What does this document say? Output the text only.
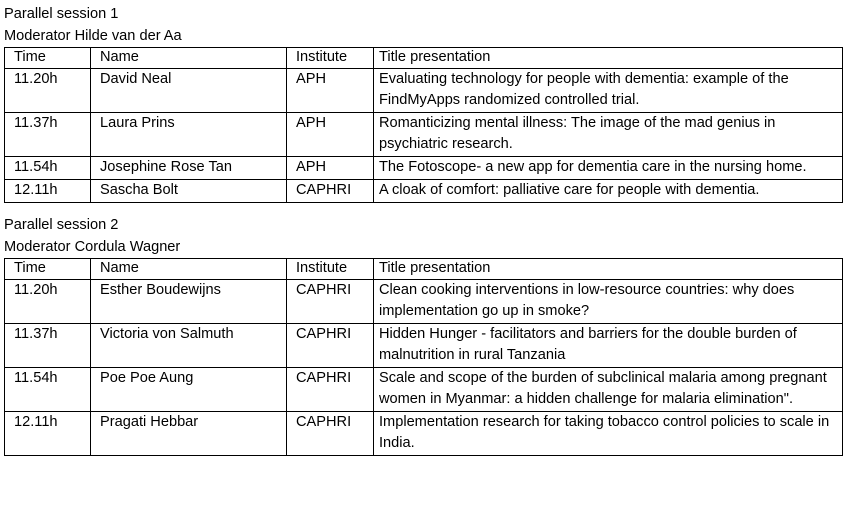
Parallel session 1
Moderator Hilde van der Aa
Time	Name	Institute	Title presentation
11.20h	David Neal	APH	Evaluating technology for people with dementia: example of the FindMyApps randomized controlled trial.
11.37h	Laura Prins	APH	Romanticizing mental illness: The image of the mad genius in psychiatric research.
11.54h	Josephine Rose Tan	APH	The Fotoscope- a new app for dementia care in the nursing home.
12.11h	Sascha Bolt	CAPHRI	A cloak of comfort: palliative care for people with dementia.
Parallel session 2
Moderator Cordula Wagner
Time	Name	Institute	Title presentation
11.20h	Esther Boudewijns	CAPHRI	Clean cooking interventions in low-resource countries: why does implementation go up in smoke?
11.37h	Victoria von Salmuth	CAPHRI	Hidden Hunger - facilitators and barriers for the double burden of malnutrition in rural Tanzania
11.54h	Poe Poe Aung	CAPHRI	Scale and scope of the burden of subclinical malaria among pregnant women in Myanmar: a hidden challenge for malaria elimination".
12.11h	Pragati Hebbar	CAPHRI	Implementation research for taking tobacco control policies to scale in India.
